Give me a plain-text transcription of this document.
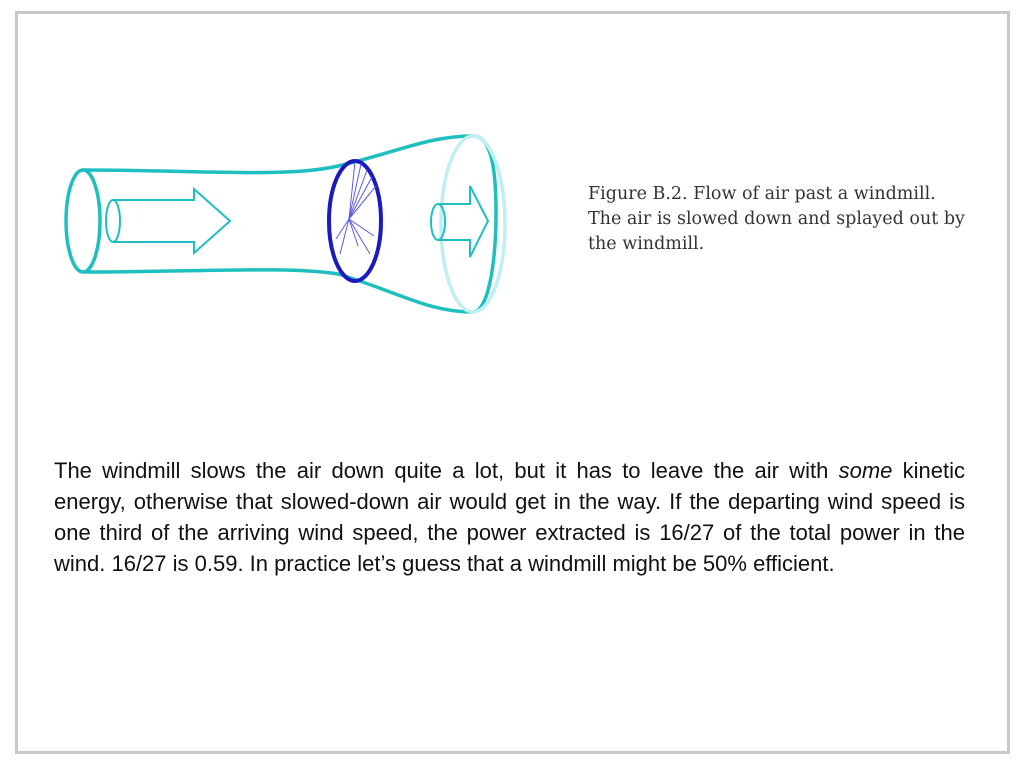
Figure B.2. Flow of air past a windmill. The air is slowed down and splayed out by the windmill.

The windmill slows the air down quite a lot, but it has to leave the air with some kinetic energy, otherwise that slowed-down air would get in the way. If the departing wind speed is one third of the arriving wind speed, the power extracted is 16/27 of the total power in the wind. 16/27 is 0.59. In practice let’s guess that a windmill might be 50% efficient.
